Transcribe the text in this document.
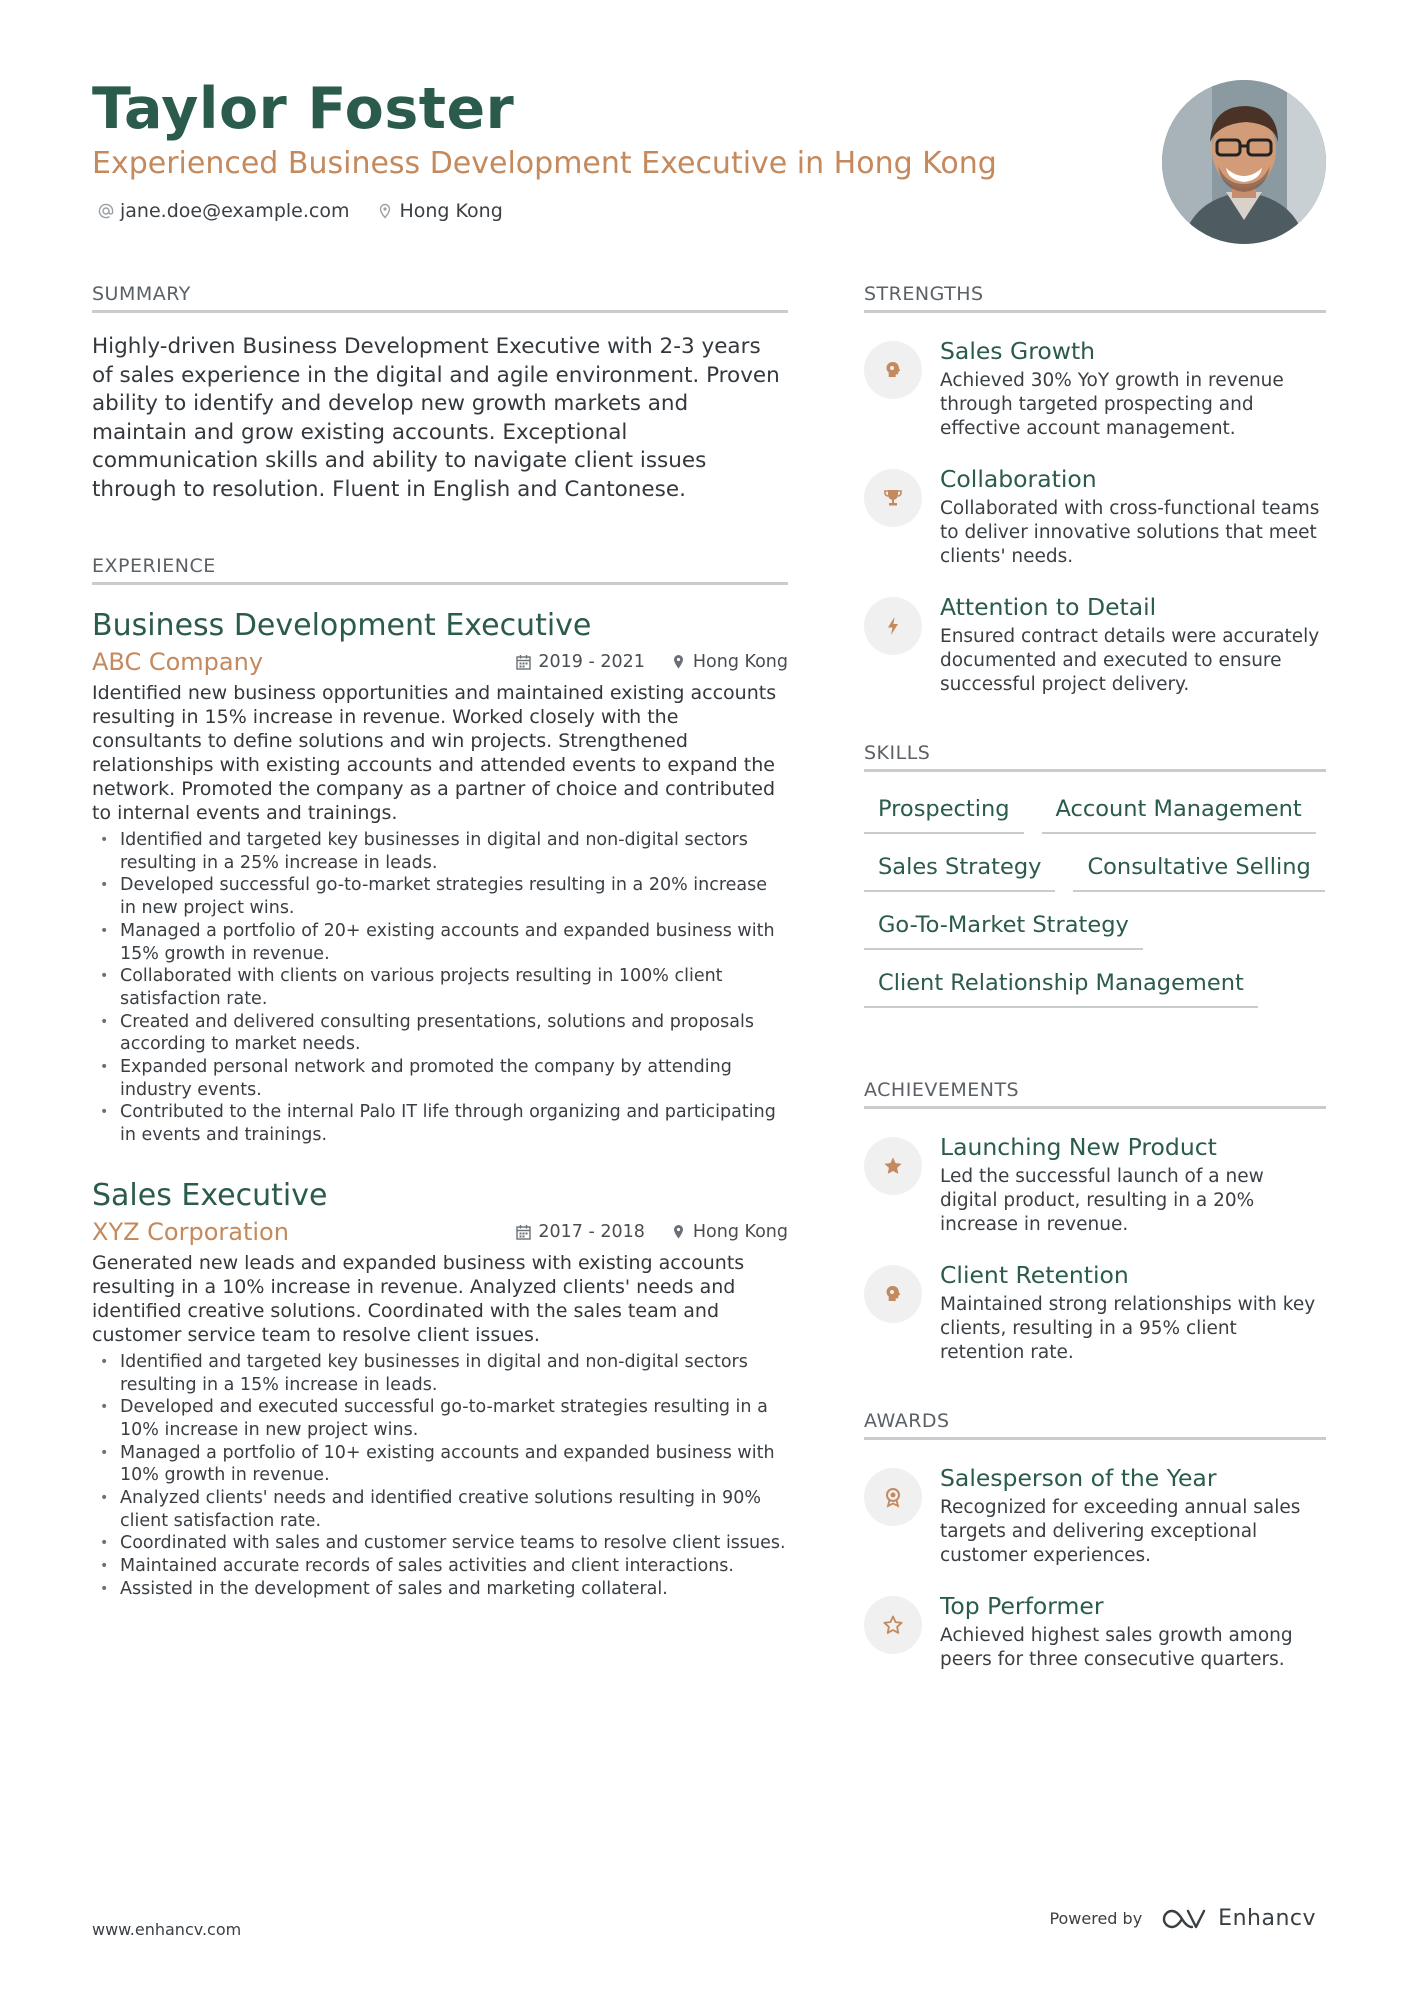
Taylor Foster
Experienced Business Development Executive in Hong Kong
jane.doe@example.com	Hong Kong
SUMMARY
Highly-driven Business Development Executive with 2-3 years of sales experience in the digital and agile environment. Proven ability to identify and develop new growth markets and maintain and grow existing accounts. Exceptional communication skills and ability to navigate client issues through to resolution. Fluent in English and Cantonese.
EXPERIENCE
Business Development Executive
ABC Company	2019 - 2021	Hong Kong
Identified new business opportunities and maintained existing accounts resulting in 15% increase in revenue. Worked closely with the consultants to define solutions and win projects. Strengthened relationships with existing accounts and attended events to expand the network. Promoted the company as a partner of choice and contributed to internal events and trainings.
• Identified and targeted key businesses in digital and non-digital sectors resulting in a 25% increase in leads.
• Developed successful go-to-market strategies resulting in a 20% increase in new project wins.
• Managed a portfolio of 20+ existing accounts and expanded business with 15% growth in revenue.
• Collaborated with clients on various projects resulting in 100% client satisfaction rate.
• Created and delivered consulting presentations, solutions and proposals according to market needs.
• Expanded personal network and promoted the company by attending industry events.
• Contributed to the internal Palo IT life through organizing and participating in events and trainings.
Sales Executive
XYZ Corporation	2017 - 2018	Hong Kong
Generated new leads and expanded business with existing accounts resulting in a 10% increase in revenue. Analyzed clients' needs and identified creative solutions. Coordinated with the sales team and customer service team to resolve client issues.
• Identified and targeted key businesses in digital and non-digital sectors resulting in a 15% increase in leads.
• Developed and executed successful go-to-market strategies resulting in a 10% increase in new project wins.
• Managed a portfolio of 10+ existing accounts and expanded business with 10% growth in revenue.
• Analyzed clients' needs and identified creative solutions resulting in 90% client satisfaction rate.
• Coordinated with sales and customer service teams to resolve client issues.
• Maintained accurate records of sales activities and client interactions.
• Assisted in the development of sales and marketing collateral.
STRENGTHS
Sales Growth
Achieved 30% YoY growth in revenue through targeted prospecting and effective account management.
Collaboration
Collaborated with cross-functional teams to deliver innovative solutions that meet clients' needs.
Attention to Detail
Ensured contract details were accurately documented and executed to ensure successful project delivery.
SKILLS
Prospecting	Account Management
Sales Strategy	Consultative Selling
Go-To-Market Strategy
Client Relationship Management
ACHIEVEMENTS
Launching New Product
Led the successful launch of a new digital product, resulting in a 20% increase in revenue.
Client Retention
Maintained strong relationships with key clients, resulting in a 95% client retention rate.
AWARDS
Salesperson of the Year
Recognized for exceeding annual sales targets and delivering exceptional customer experiences.
Top Performer
Achieved highest sales growth among peers for three consecutive quarters.
www.enhancv.com
Powered by	Enhancv
